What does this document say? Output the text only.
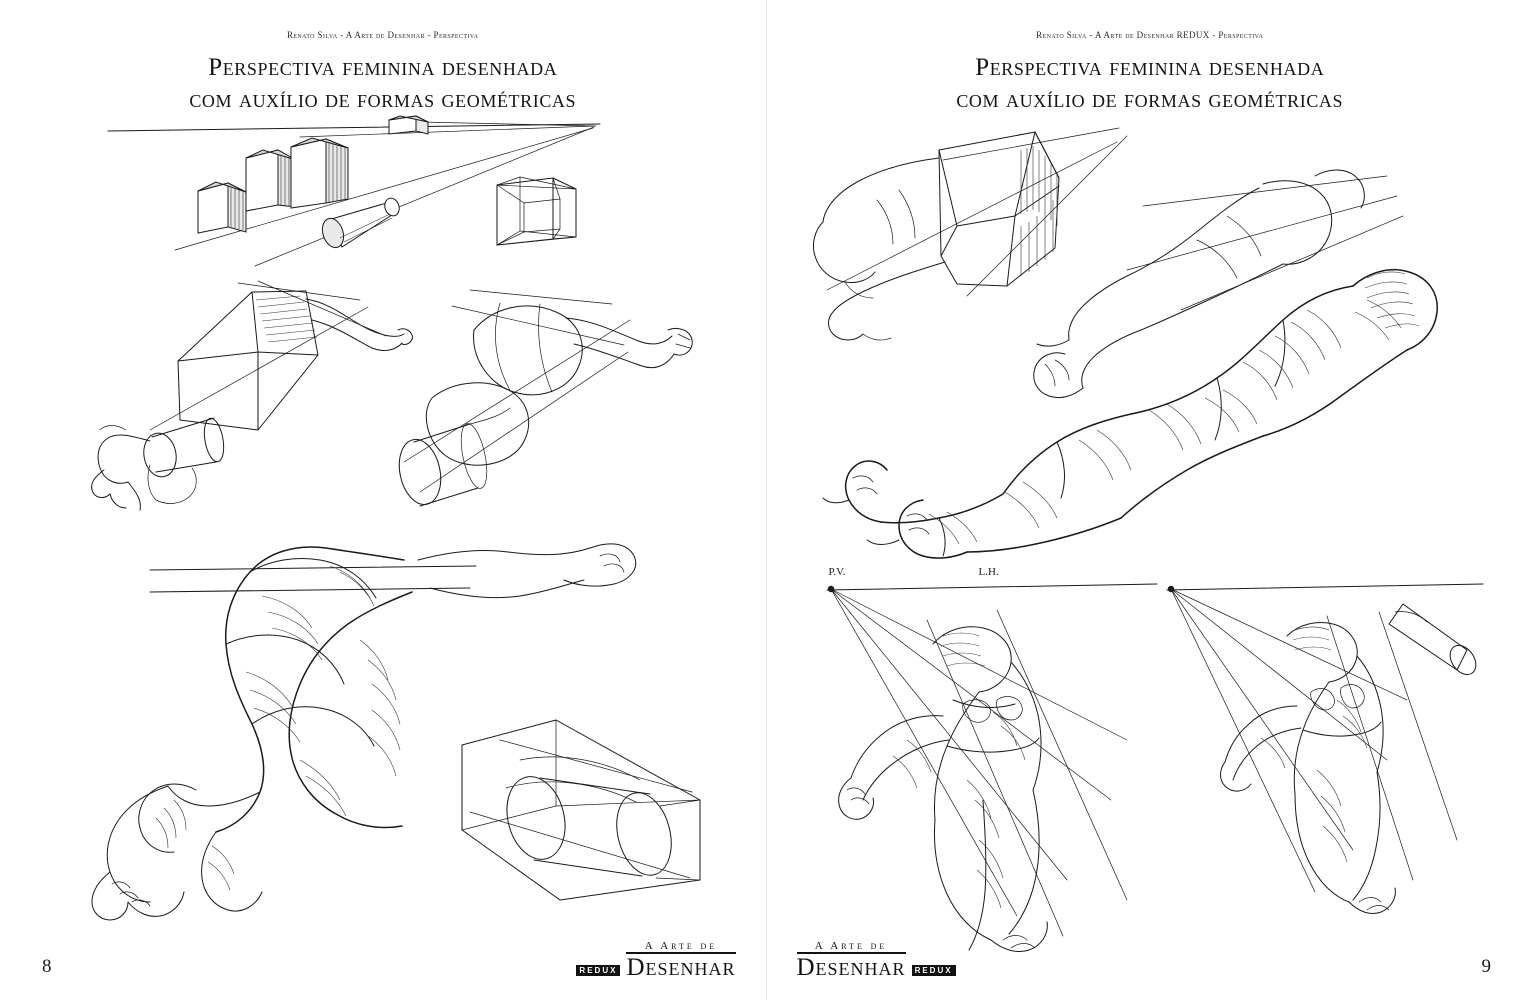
Renato Silva - A Arte de Desenhar - Perspectiva
Perspectiva feminina desenhada
com auxílio de formas geométricas
8	REDUX
A Arte de
Desenhar
Renato Silva - A Arte de Desenhar REDUX - Perspectiva
Perspectiva feminina desenhada
com auxílio de formas geométricas
P.V.	L.H.
9
A Arte de
Desenhar	REDUX
